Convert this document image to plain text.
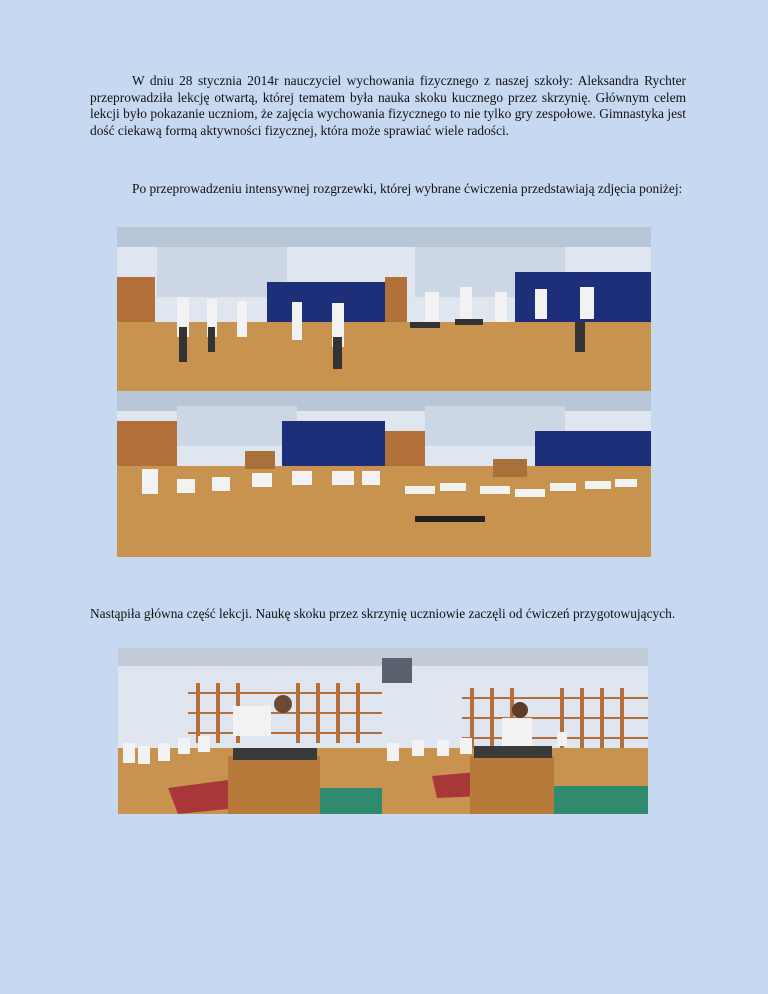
W dniu 28 stycznia 2014r nauczyciel wychowania fizycznego z naszej szkoły: Aleksandra Rychter przeprowadziła lekcję otwartą, której tematem była nauka skoku kucznego przez skrzynię. Głównym celem lekcji było pokazanie uczniom, że zajęcia wychowania fizycznego to nie tylko gry zespołowe. Gimnastyka jest dość ciekawą formą aktywności fizycznej, która może sprawiać wiele radości.

Po przeprowadzeniu intensywnej rozgrzewki, której wybrane ćwiczenia przedstawiają zdjęcia poniżej:

Nastąpiła główna część lekcji. Naukę skoku przez skrzynię uczniowie zaczęli od ćwiczeń przygotowujących.
